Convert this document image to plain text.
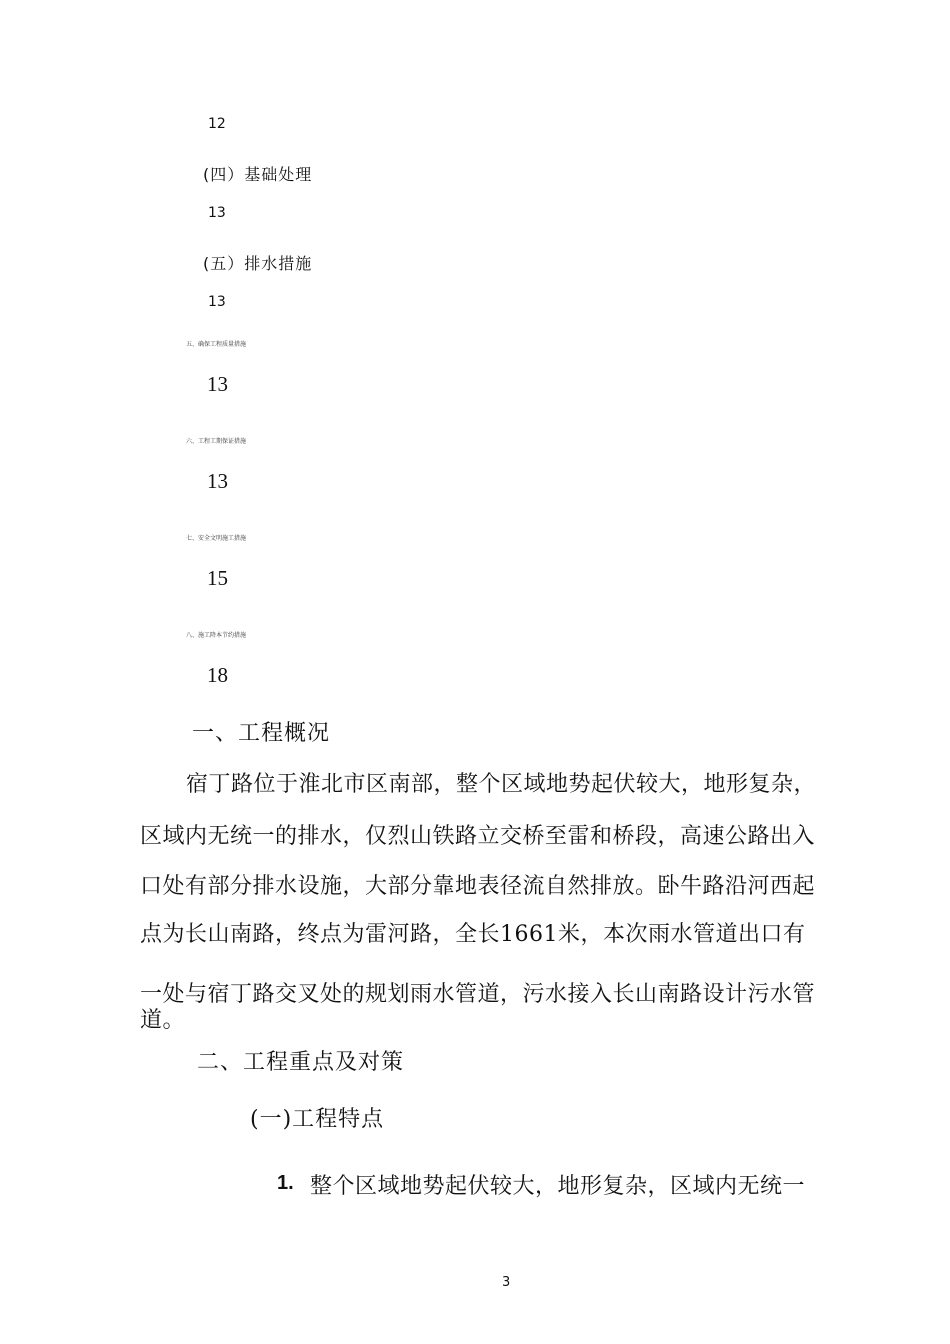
12
(四）基础处理
13
(五）排水措施
13
五、确保工程质量措施
13
六、工程工期保证措施
13
七、安全文明施工措施
15
八、施工降本节约措施
18
一、工程概况
宿丁路位于淮北市区南部，整个区域地势起伏较大，地形复杂，
区域内无统一的排水，仅烈山铁路立交桥至雷和桥段，高速公路出入
口处有部分排水设施，大部分靠地表径流自然排放。卧牛路沿河西起
点为长山南路，终点为雷河路，全长1661米，本次雨水管道出口有
一处与宿丁路交叉处的规划雨水管道，污水接入长山南路设计污水管
道。
二、工程重点及对策
(一)工程特点
1. 整个区域地势起伏较大，地形复杂，区域内无统一
3
